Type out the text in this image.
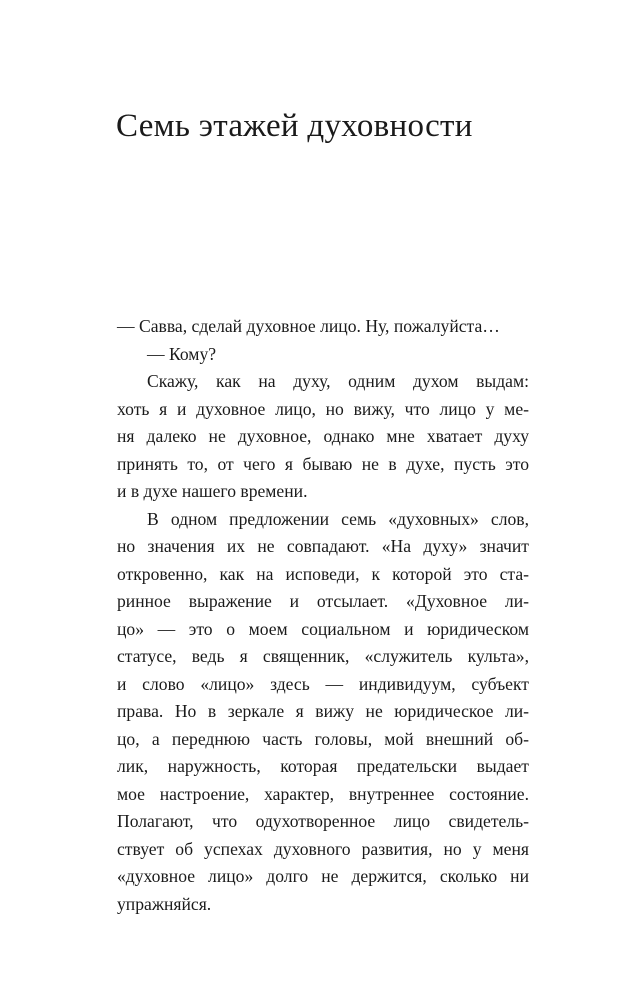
Семь этажей духовности
— Савва, сделай духовное лицо. Ну, пожалуйста…
— Кому?
Скажу, как на духу, одним духом выдам:
хоть я и духовное лицо, но вижу, что лицо у ме-
ня далеко не духовное, однако мне хватает духу
принять то, от чего я бываю не в духе, пусть это
и в духе нашего времени.
В одном предложении семь «духовных» слов,
но значения их не совпадают. «На духу» значит
откровенно, как на исповеди, к которой это ста-
ринное выражение и отсылает. «Духовное ли-
цо» — это о моем социальном и юридическом
статусе, ведь я священник, «служитель культа»,
и слово «лицо» здесь — индивидуум, субъект
права. Но в зеркале я вижу не юридическое ли-
цо, а переднюю часть головы, мой внешний об-
лик, наружность, которая предательски выдает
мое настроение, характер, внутреннее состояние.
Полагают, что одухотворенное лицо свидетель-
ствует об успехах духовного развития, но у меня
«духовное лицо» долго не держится, сколько ни
упражняйся.
